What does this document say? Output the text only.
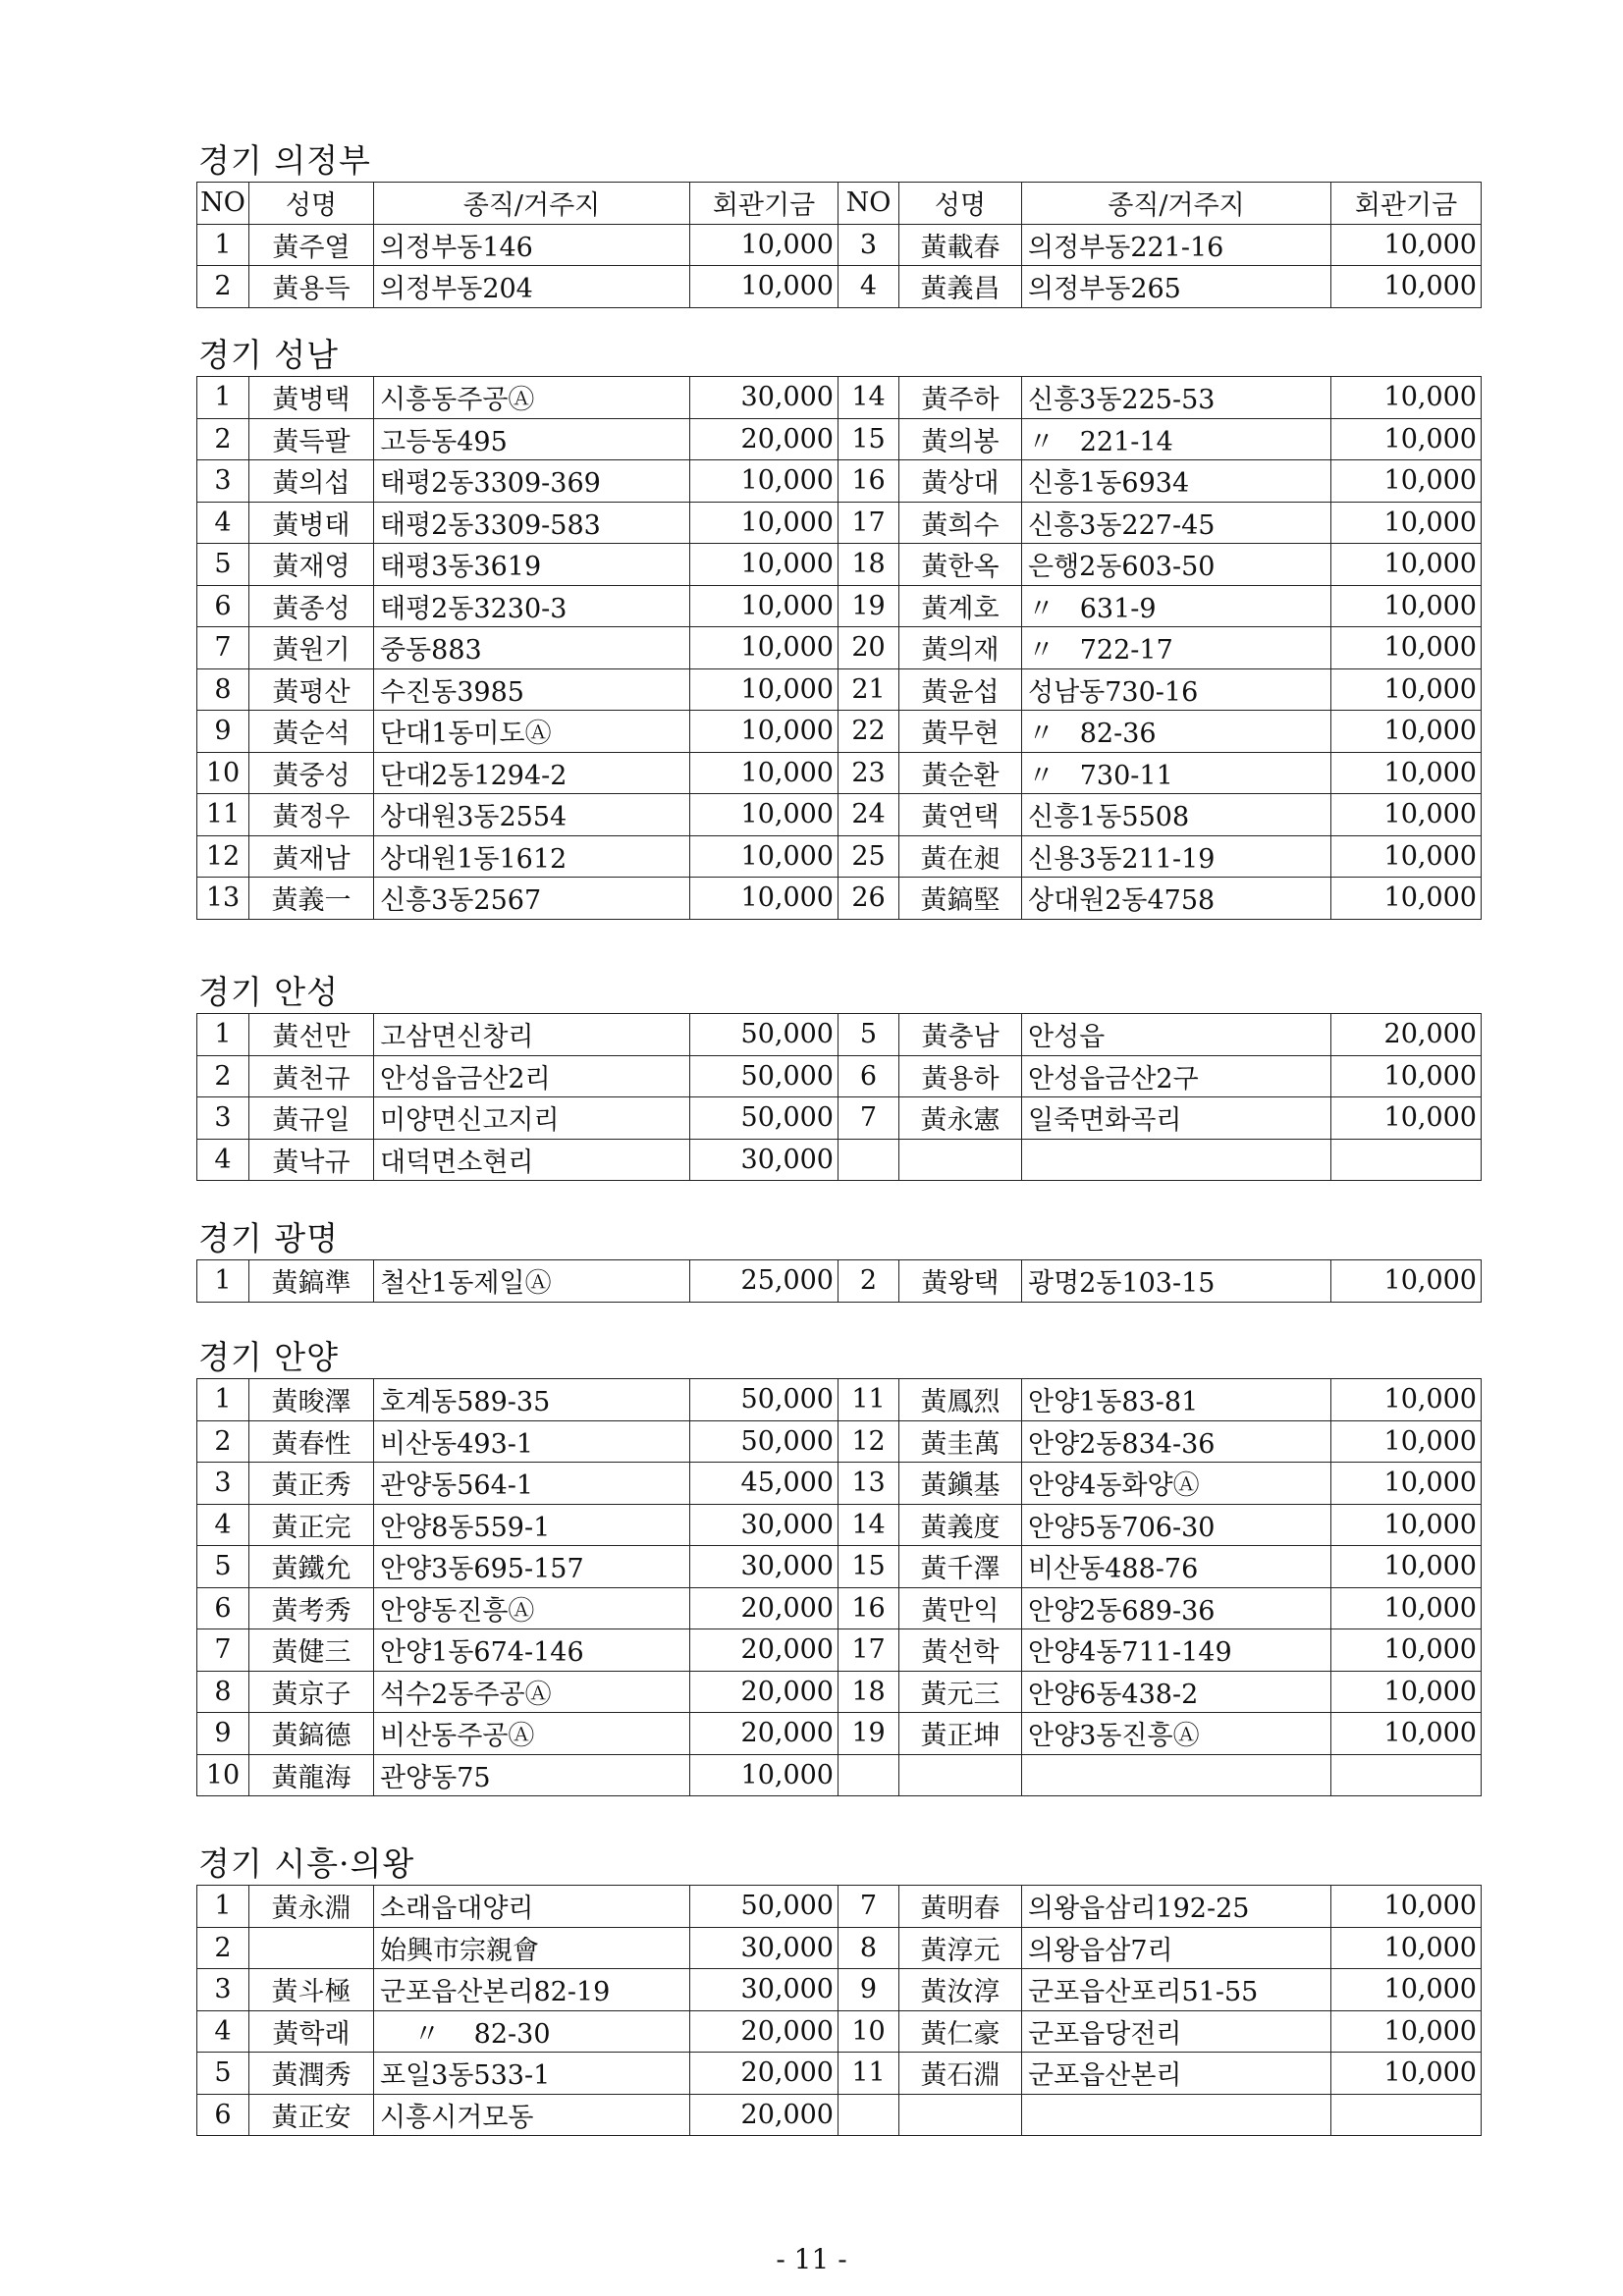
경기 의정부
NO	성명	종직/거주지	회관기금	NO	성명	종직/거주지	회관기금
1	黃주열	의정부동146	10,000	3	黃載春	의정부동221-16	10,000
2	黃용득	의정부동204	10,000	4	黃義昌	의정부동265	10,000
경기 성남
1	黃병택	시흥동주공Ⓐ	30,000	14	黃주하	신흥3동225-53	10,000
2	黃득팔	고등동495	20,000	15	黃의봉	〃   221-14	10,000
3	黃의섭	태평2동3309-369	10,000	16	黃상대	신흥1동6934	10,000
4	黃병태	태평2동3309-583	10,000	17	黃희수	신흥3동227-45	10,000
5	黃재영	태평3동3619	10,000	18	黃한옥	은행2동603-50	10,000
6	黃종성	태평2동3230-3	10,000	19	黃계호	〃   631-9	10,000
7	黃원기	중동883	10,000	20	黃의재	〃   722-17	10,000
8	黃평산	수진동3985	10,000	21	黃윤섭	성남동730-16	10,000
9	黃순석	단대1동미도Ⓐ	10,000	22	黃무현	〃   82-36	10,000
10	黃중성	단대2동1294-2	10,000	23	黃순환	〃   730-11	10,000
11	黃정우	상대원3동2554	10,000	24	黃연택	신흥1동5508	10,000
12	黃재남	상대원1동1612	10,000	25	黃在昶	신용3동211-19	10,000
13	黃義一	신흥3동2567	10,000	26	黃鎬堅	상대원2동4758	10,000
경기 안성
1	黃선만	고삼면신창리	50,000	5	黃충남	안성읍	20,000
2	黃천규	안성읍금산2리	50,000	6	黃용하	안성읍금산2구	10,000
3	黃규일	미양면신고지리	50,000	7	黃永憲	일죽면화곡리	10,000
4	黃낙규	대덕면소현리	30,000				
경기 광명
1	黃鎬準	철산1동제일Ⓐ	25,000	2	黃왕택	광명2동103-15	10,000
경기 안양
1	黃晙澤	호계동589-35	50,000	11	黃鳳烈	안양1동83-81	10,000
2	黃春性	비산동493-1	50,000	12	黃圭萬	안양2동834-36	10,000
3	黃正秀	관양동564-1	45,000	13	黃鎭基	안양4동화양Ⓐ	10,000
4	黃正完	안양8동559-1	30,000	14	黃義度	안양5동706-30	10,000
5	黃鐵允	안양3동695-157	30,000	15	黃千澤	비산동488-76	10,000
6	黃考秀	안양동진흥Ⓐ	20,000	16	黃만익	안양2동689-36	10,000
7	黃健三	안양1동674-146	20,000	17	黃선학	안양4동711-149	10,000
8	黃京子	석수2동주공Ⓐ	20,000	18	黃元三	안양6동438-2	10,000
9	黃鎬德	비산동주공Ⓐ	20,000	19	黃正坤	안양3동진흥Ⓐ	10,000
10	黃龍海	관양동75	10,000				
경기 시흥·의왕
1	黃永淵	소래읍대양리	50,000	7	黃明春	의왕읍삼리192-25	10,000
2		始興市宗親會	30,000	8	黃淳元	의왕읍삼7리	10,000
3	黃斗極	군포읍산본리82-19	30,000	9	黃汝淳	군포읍산포리51-55	10,000
4	黃학래	〃    82-30	20,000	10	黃仁豪	군포읍당전리	10,000
5	黃潤秀	포일3동533-1	20,000	11	黃石淵	군포읍산본리	10,000
6	黃正安	시흥시거모동	20,000				
- 11 -
